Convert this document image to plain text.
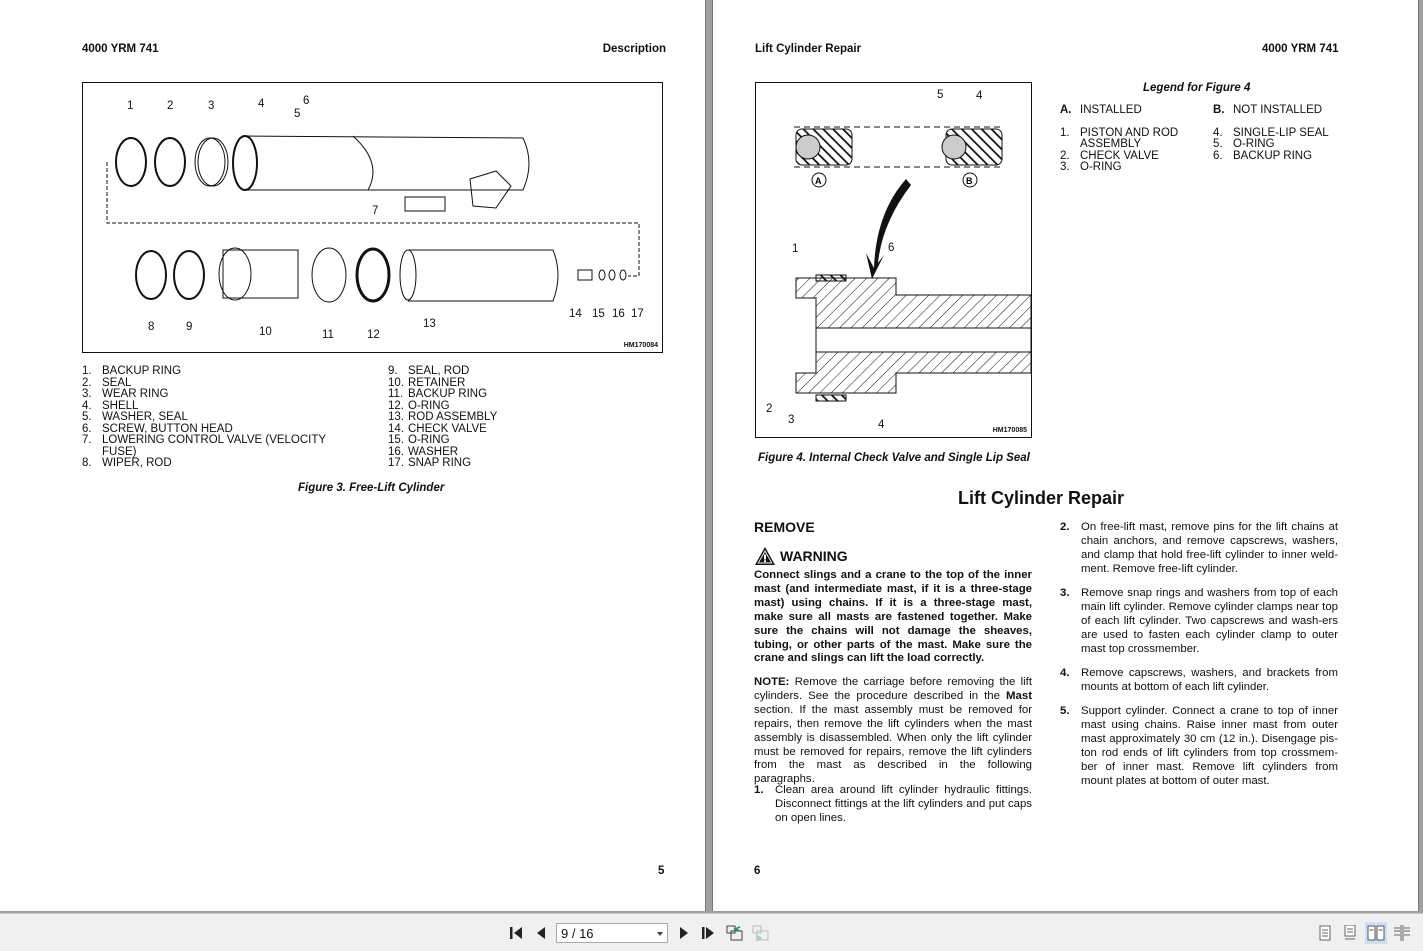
4000 YRM 741	Description
1	2	3	4
5
6
7
8	9	10	11	12
13
14 15 16 17
HM170084
1. BACKUP RING
2. SEAL
3. WEAR RING
4. SHELL
5. WASHER, SEAL
6. SCREW, BUTTON HEAD
7. LOWERING CONTROL VALVE (VELOCITY
FUSE)
8. WIPER, ROD
9. SEAL, ROD
10. RETAINER
11. BACKUP RING
12. O-RING
13. ROD ASSEMBLY
14. CHECK VALVE
15. O-RING
16. WASHER
17. SNAP RING
Figure 3. Free-Lift Cylinder
5
Lift Cylinder Repair	4000 YRM 741
A	B
5	4
1	6
2
3	4	HM170085
Figure 4. Internal Check Valve and Single Lip Seal
Legend for Figure 4
A. INSTALLED
1. PISTON AND ROD
ASSEMBLY
2. CHECK VALVE
3. O-RING
B. NOT INSTALLED
4. SINGLE-LIP SEAL
5. O-RING
6. BACKUP RING
Lift Cylinder Repair
REMOVE
WARNING
Connect slings and a crane to the top of the inner mast (and intermediate mast, if it is a three-stage mast) using chains. If it is a three-stage mast, make sure all masts are fastened together. Make sure the chains will not damage the sheaves, tubing, or other parts of the mast. Make sure the crane and slings can lift the load correctly.
NOTE: Remove the carriage before removing the lift cylinders. See the procedure described in the Mast section. If the mast assembly must be removed for repairs, then remove the lift cylinders when the mast assembly is disassembled. When only the lift cylinder must be removed for repairs, remove the lift cylinders from the mast as described in the following paragraphs.
1.	Clean area around lift cylinder hydraulic fittings. Disconnect fittings at the lift cylinders and put caps on open lines.
2.	On free-lift mast, remove pins for the lift chains at chain anchors, and remove capscrews, washers, and clamp that hold free-lift cylinder to inner weld-ment. Remove free-lift cylinder.
3.	Remove snap rings and washers from top of each main lift cylinder. Remove cylinder clamps near top of each lift cylinder. Two capscrews and wash-ers are used to fasten each cylinder clamp to outer mast top crossmember.
4.	Remove capscrews, washers, and brackets from mounts at bottom of each lift cylinder.
5.	Support cylinder. Connect a crane to top of inner mast using chains. Raise inner mast from outer mast approximately 30 cm (12 in.). Disengage pis-ton rod ends of lift cylinders from top crossmem-ber of inner mast. Remove lift cylinders from mount plates at bottom of outer mast.
6
9 / 16
